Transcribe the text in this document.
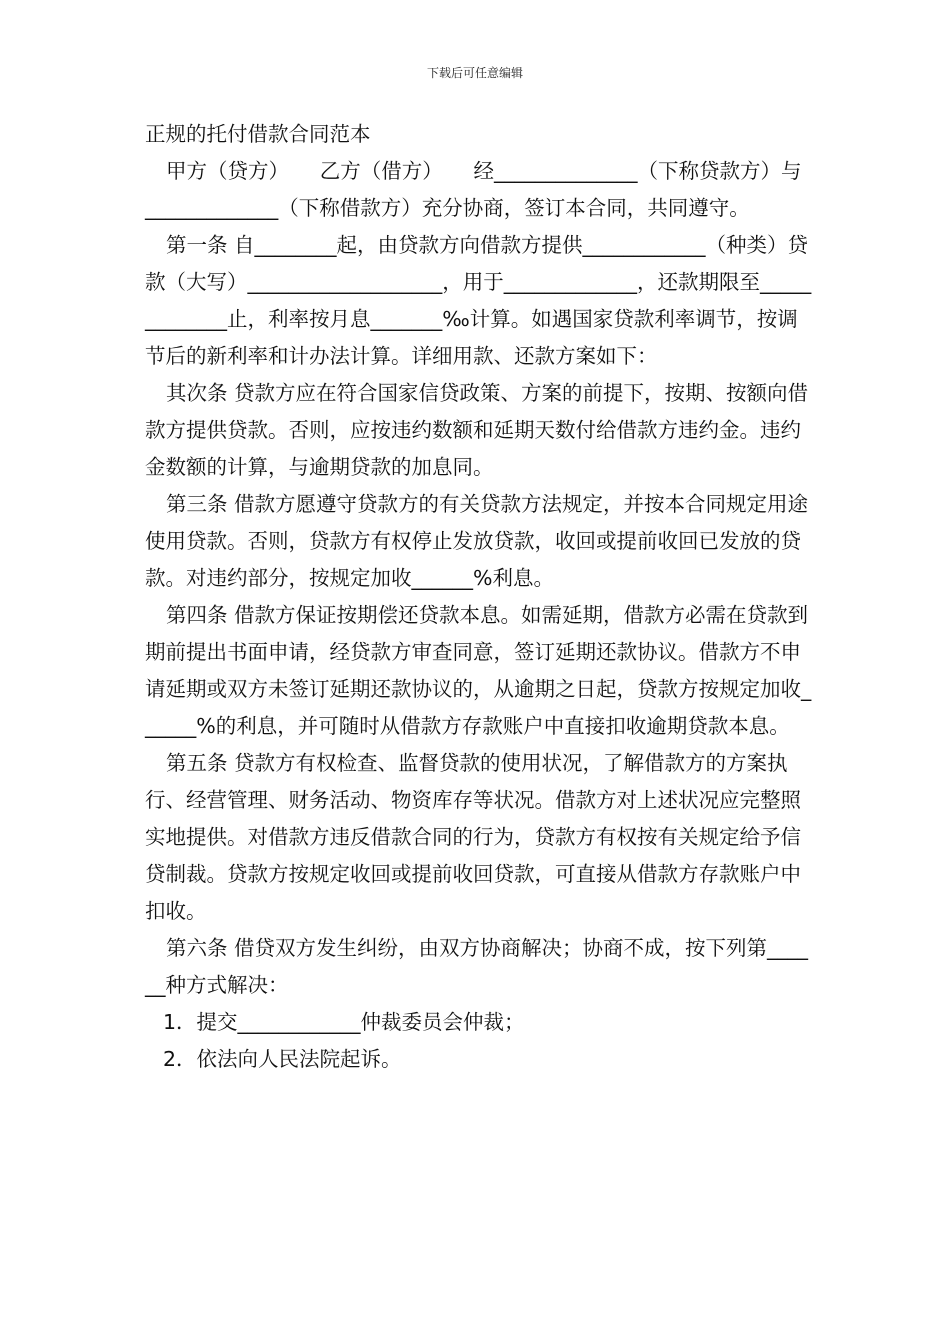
下载后可任意编辑

正规的托付借款合同范本

甲方（贷方）　　乙方（借方）　　经______________（下称贷款方）与 _____________（下称借款方）充分协商，签订本合同，共同遵守。

第一条 自________起，由贷款方向借款方提供____________（种类）贷款（大写）___________________，用于_____________，还款期限至_____________止，利率按月息_______‰计算。如遇国家贷款利率调节，按调节后的新利率和计办法计算。详细用款、还款方案如下：

其次条 贷款方应在符合国家信贷政策、方案的前提下，按期、按额向借款方提供贷款。否则，应按违约数额和延期天数付给借款方违约金。违约金数额的计算，与逾期贷款的加息同。

第三条 借款方愿遵守贷款方的有关贷款方法规定，并按本合同规定用途使用贷款。否则，贷款方有权停止发放贷款，收回或提前收回已发放的贷款。对违约部分，按规定加收______%利息。

第四条 借款方保证按期偿还贷款本息。如需延期，借款方必需在贷款到期前提出书面申请，经贷款方审查同意，签订延期还款协议。借款方不申请延期或双方未签订延期还款协议的，从逾期之日起，贷款方按规定加收______%的利息，并可随时从借款方存款账户中直接扣收逾期贷款本息。

第五条 贷款方有权检查、监督贷款的使用状况，了解借款方的方案执行、经营管理、财务活动、物资库存等状况。借款方对上述状况应完整照实地提供。对借款方违反借款合同的行为，贷款方有权按有关规定给予信贷制裁。贷款方按规定收回或提前收回贷款，可直接从借款方存款账户中扣收。

第六条 借贷双方发生纠纷，由双方协商解决；协商不成，按下列第______种方式解决：

1．提交____________仲裁委员会仲裁；

2．依法向人民法院起诉。
